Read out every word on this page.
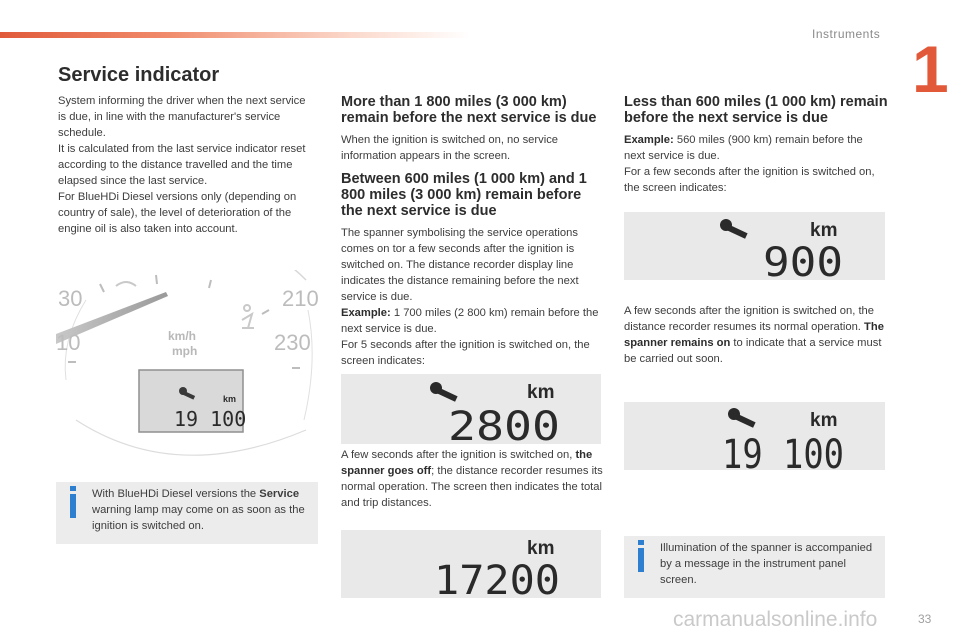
Instruments 1
Service indicator

System informing the driver when the next service is due, in line with the manufacturer's service schedule.

It is calculated from the last service indicator reset according to the distance travelled and the time elapsed since the last service.

For BlueHDi Diesel versions only (depending on country of sale), the level of deterioration of the engine oil is also taken into account.

30	210
10	230
km/h
mph
km
19 100
With BlueHDi Diesel versions the Service warning lamp may come on as soon as the ignition is switched on.
More than 1 800 miles (3 000 km) remain before the next service is due

When the ignition is switched on, no service information appears in the screen.

Between 600 miles (1 000 km) and 1 800 miles (3 000 km) remain before the next service is due

The spanner symbolising the service operations comes on tor a few seconds after the ignition is switched on. The distance recorder display line indicates the distance remaining before the next service is due.

Example: 1 700 miles (2 800 km) remain before the next service is due.

For 5 seconds after the ignition is switched on, the screen indicates:

km
2800

A few seconds after the ignition is switched on, the spanner goes off; the distance recorder resumes its normal operation. The screen then indicates the total and trip distances.

km
17200
Less than 600 miles (1 000 km) remain before the next service is due

Example: 560 miles (900 km) remain before the next service is due.

For a few seconds after the ignition is switched on, the screen indicates:

km
900

A few seconds after the ignition is switched on, the distance recorder resumes its normal operation. The spanner remains on to indicate that a service must be carried out soon.

km
19 100
Illumination of the spanner is accompanied by a message in the instrument panel screen.
33
carmanualsonline.info
